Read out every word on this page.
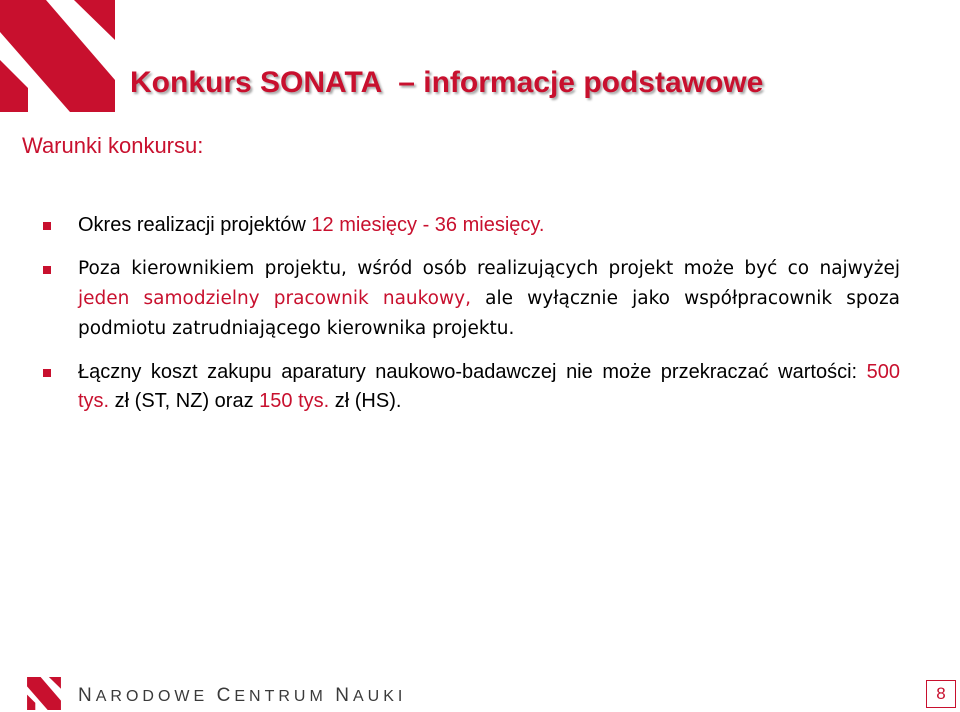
Konkurs SONATA – informacje podstawowe
Warunki konkursu:

Okres realizacji projektów 12 miesięcy - 36 miesięcy.

Poza kierownikiem projektu, wśród osób realizujących projekt może być co najwyżej jeden samodzielny pracownik naukowy, ale wyłącznie jako współpracownik spoza podmiotu zatrudniającego kierownika projektu.

Łączny koszt zakupu aparatury naukowo-badawczej nie może przekraczać wartości: 500 tys. zł (ST, NZ) oraz 150 tys. zł (HS).

NARODOWE CENTRUM NAUKI	8
